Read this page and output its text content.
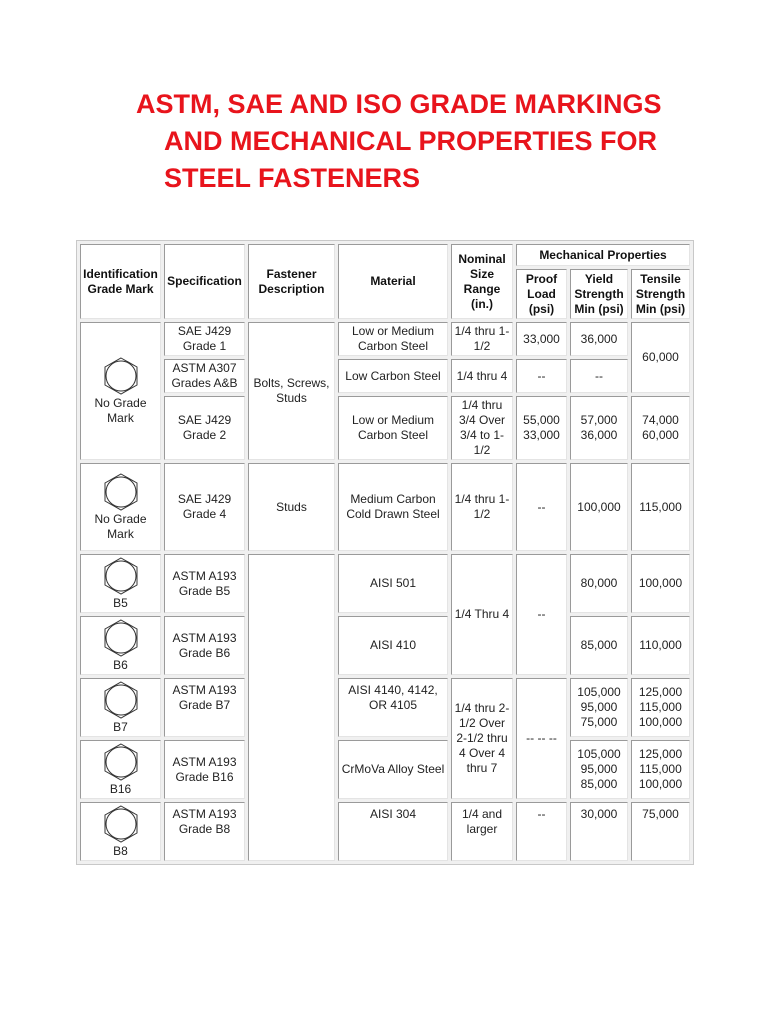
ASTM, SAE AND ISO GRADE MARKINGS AND MECHANICAL PROPERTIES FOR STEEL FASTENERS
Identification Grade Mark	Specification	Fastener Description	Material	Nominal Size Range (in.)	Mechanical Properties		
					Proof Load (psi)	Yield Strength Min (psi)	Tensile Strength Min (psi)

No Grade Mark	SAE J429 Grade 1	Bolts, Screws, Studs	Low or Medium Carbon Steel	1/4 thru 1-1/2	33,000	36,000	60,000
	ASTM A307 Grades A&B		Low Carbon Steel	1/4 thru 4	--	--	
	SAE J429 Grade 2		Low or Medium Carbon Steel	1/4 thru 3/4 Over 3/4 to 1-1/2	55,000 33,000	57,000 36,000	74,000 60,000

No Grade Mark	SAE J429 Grade 4	Studs	Medium Carbon Cold Drawn Steel	1/4 thru 1-1/2	--	100,000	115,000

B5	ASTM A193 Grade B5		AISI 501	1/4 Thru 4	--	80,000	100,000

B6	ASTM A193 Grade B6		AISI 410			85,000	110,000

B7	ASTM A193 Grade B7		AISI 4140, 4142, OR 4105	1/4 thru 2-1/2 Over 2-1/2 thru 4 Over 4 thru 7	-- -- --	105,000 95,000 75,000	125,000 115,000 100,000

B16	ASTM A193 Grade B16		CrMoVa Alloy Steel			105,000 95,000 85,000	125,000 115,000 100,000

B8	ASTM A193 Grade B8		AISI 304	1/4 and larger	--	30,000	75,000
